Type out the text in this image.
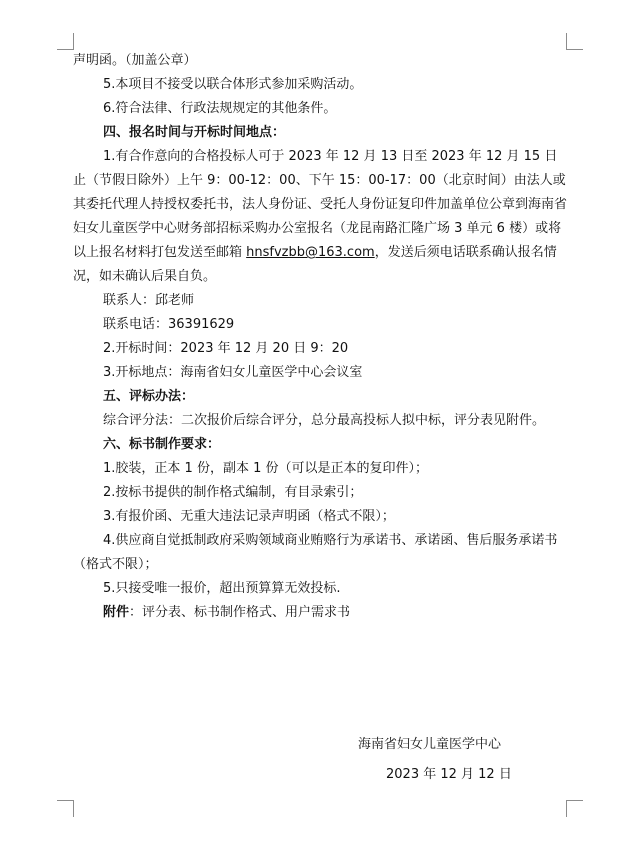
声明函。（加盖公章）

5.本项目不接受以联合体形式参加采购活动。

6.符合法律、行政法规规定的其他条件。

四、报名时间与开标时间地点：

1.有合作意向的合格投标人可于 2023 年 12 月 13 日至 2023 年 12 月 15 日止（节假日除外）上午 9：00-12：00、下午 15：00-17：00（北京时间）由法人或其委托代理人持授权委托书，法人身份证、受托人身份证复印件加盖单位公章到海南省妇女儿童医学中心财务部招标采购办公室报名（龙昆南路汇隆广场 3 单元 6 楼）或将以上报名材料打包发送至邮箱 hnsfvzbb@163.com，发送后须电话联系确认报名情况，如未确认后果自负。

联系人：邱老师

联系电话：36391629

2.开标时间：2023 年 12 月 20 日 9：20

3.开标地点：海南省妇女儿童医学中心会议室

五、评标办法：

综合评分法：二次报价后综合评分，总分最高投标人拟中标，评分表见附件。

六、标书制作要求：

1.胶装，正本 1 份，副本 1 份（可以是正本的复印件）；

2.按标书提供的制作格式编制，有目录索引；

3.有报价函、无重大违法记录声明函（格式不限）；

4.供应商自觉抵制政府采购领域商业贿赂行为承诺书、承诺函、售后服务承诺书（格式不限）；

5.只接受唯一报价，超出预算算无效投标.

附件：评分表、标书制作格式、用户需求书

海南省妇女儿童医学中心
2023 年 12 月 12 日
